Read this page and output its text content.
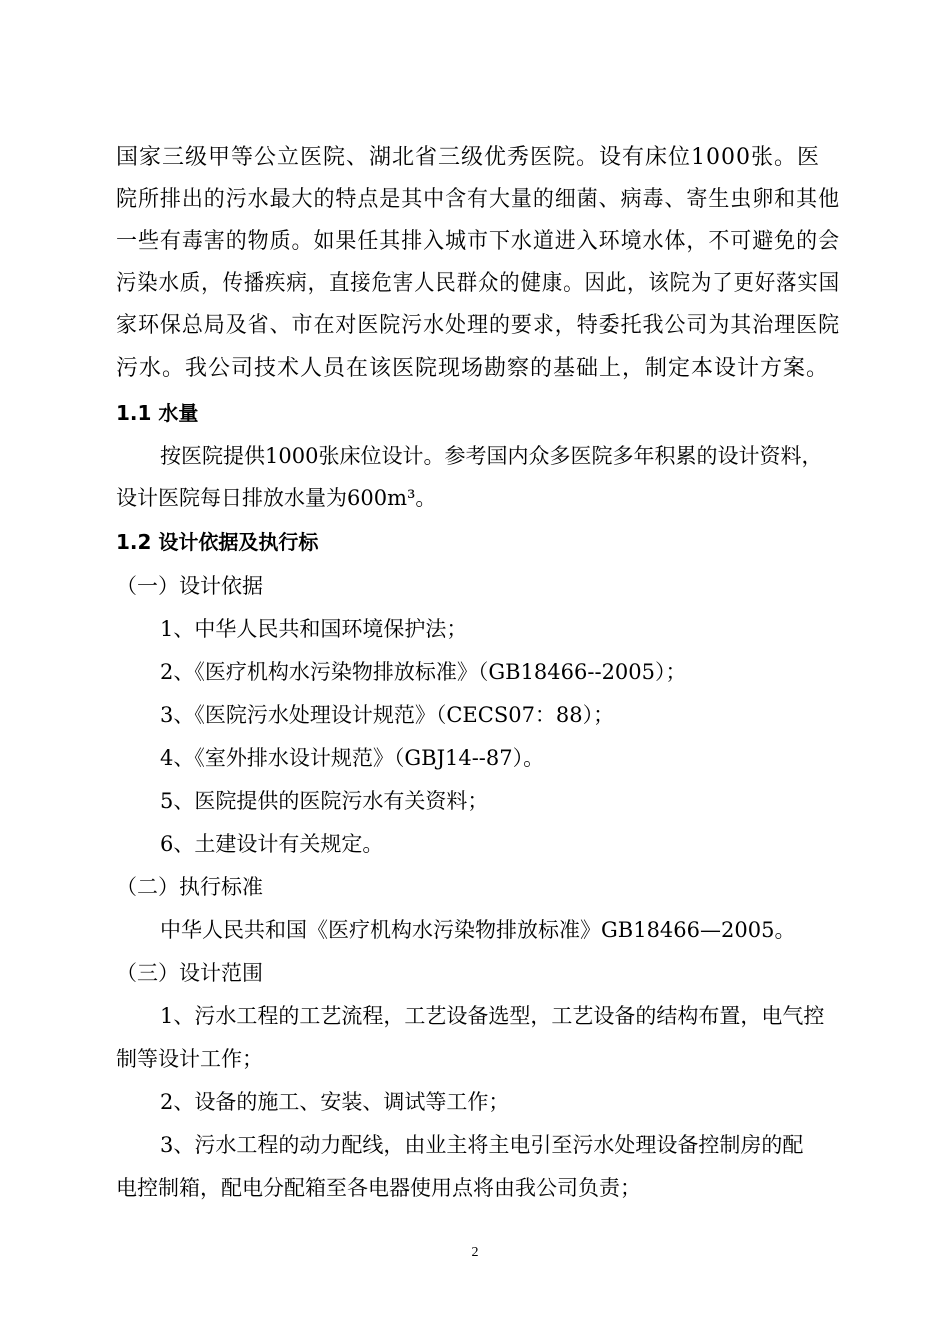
国家三级甲等公立医院、湖北省三级优秀医院。设有床位1000张。医
院所排出的污水最大的特点是其中含有大量的细菌、病毒、寄生虫卵和其他
一些有毒害的物质。如果任其排入城市下水道进入环境水体，不可避免的会
污染水质，传播疾病，直接危害人民群众的健康。因此，该院为了更好落实国
家环保总局及省、市在对医院污水处理的要求，特委托我公司为其治理医院
污水。我公司技术人员在该医院现场勘察的基础上，制定本设计方案。
1.1 水量
按医院提供1000张床位设计。参考国内众多医院多年积累的设计资料，
设计医院每日排放水量为600m³。
1.2 设计依据及执行标
（一）设计依据
1、中华人民共和国环境保护法；
2、《医疗机构水污染物排放标准》（GB18466--2005）；
3、《医院污水处理设计规范》（CECS07：88）；
4、《室外排水设计规范》（GBJ14--87）。
5、医院提供的医院污水有关资料；
6、土建设计有关规定。
（二）执行标准
中华人民共和国《医疗机构水污染物排放标准》GB18466—2005。
（三）设计范围
1、污水工程的工艺流程，工艺设备选型，工艺设备的结构布置，电气控
制等设计工作；
2、设备的施工、安装、调试等工作；
3、污水工程的动力配线，由业主将主电引至污水处理设备控制房的配
电控制箱，配电分配箱至各电器使用点将由我公司负责；
2
